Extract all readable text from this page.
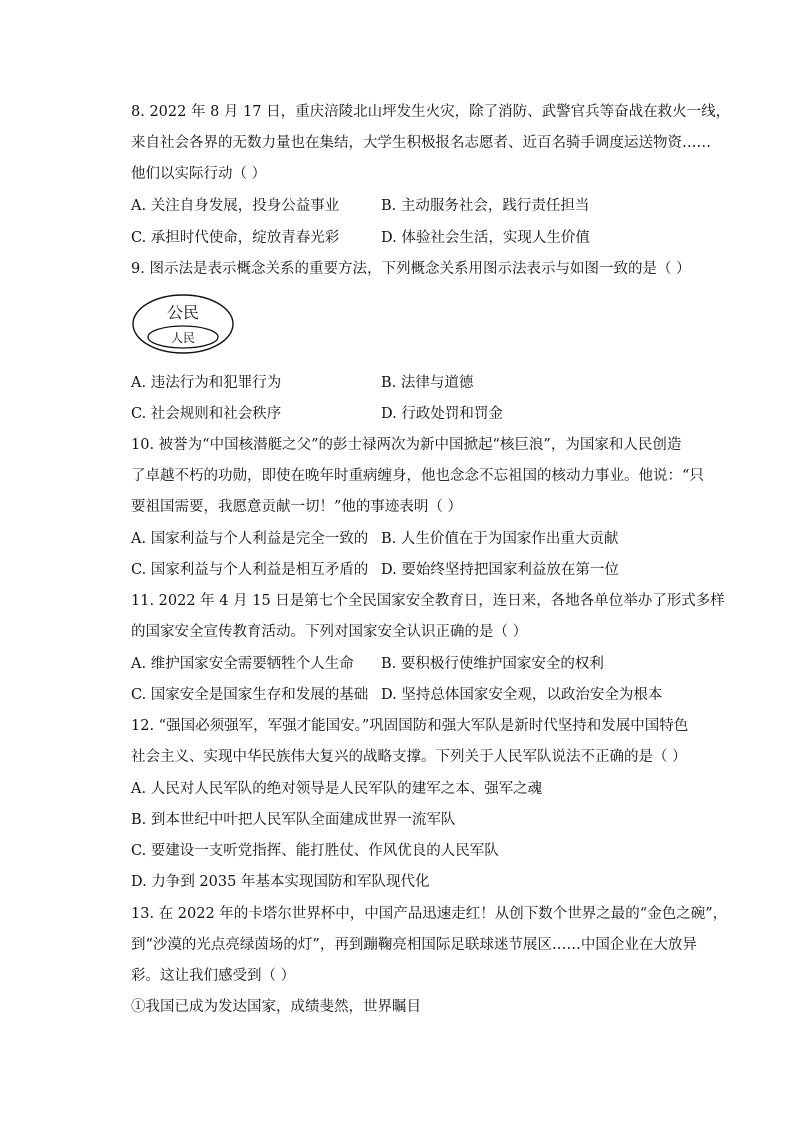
8. 2022 年 8 月 17 日，重庆涪陵北山坪发生火灾，除了消防、武警官兵等奋战在救火一线，
来自社会各界的无数力量也在集结，大学生积极报名志愿者、近百名骑手调度运送物资……
他们以实际行动（ ）
A. 关注自身发展，投身公益事业	B. 主动服务社会，践行责任担当
C. 承担时代使命，绽放青春光彩	D. 体验社会生活，实现人生价值
9. 图示法是表示概念关系的重要方法，下列概念关系用图示法表示与如图一致的是（ ）
公民
人民
A. 违法行为和犯罪行为	B. 法律与道德
C. 社会规则和社会秩序	D. 行政处罚和罚金
10. 被誉为“中国核潜艇之父”的彭士禄两次为新中国掀起“核巨浪”，为国家和人民创造
了卓越不朽的功勋，即使在晚年时重病缠身，他也念念不忘祖国的核动力事业。他说：“只
要祖国需要，我愿意贡献一切！”他的事迹表明（ ）
A. 国家利益与个人利益是完全一致的 B. 人生价值在于为国家作出重大贡献
C. 国家利益与个人利益是相互矛盾的 D. 要始终坚持把国家利益放在第一位
11. 2022 年 4 月 15 日是第七个全民国家安全教育日，连日来，各地各单位举办了形式多样
的国家安全宣传教育活动。下列对国家安全认识正确的是（ ）
A. 维护国家安全需要牺牲个人生命 B. 要积极行使维护国家安全的权利
C. 国家安全是国家生存和发展的基础 D. 坚持总体国家安全观，以政治安全为根本
12. “强国必须强军，军强才能国安。”巩固国防和强大军队是新时代坚持和发展中国特色
社会主义、实现中华民族伟大复兴的战略支撑。下列关于人民军队说法不正确的是（ ）
A. 人民对人民军队的绝对领导是人民军队的建军之本、强军之魂
B. 到本世纪中叶把人民军队全面建成世界一流军队
C. 要建设一支听党指挥、能打胜仗、作风优良的人民军队
D. 力争到 2035 年基本实现国防和军队现代化
13. 在 2022 年的卡塔尔世界杯中，中国产品迅速走红！从创下数个世界之最的“金色之碗”，
到“沙漠的光点亮绿茵场的灯”，再到蹦鞠亮相国际足联球迷节展区……中国企业在大放异
彩。这让我们感受到（ ）
①我国已成为发达国家，成绩斐然，世界瞩目
